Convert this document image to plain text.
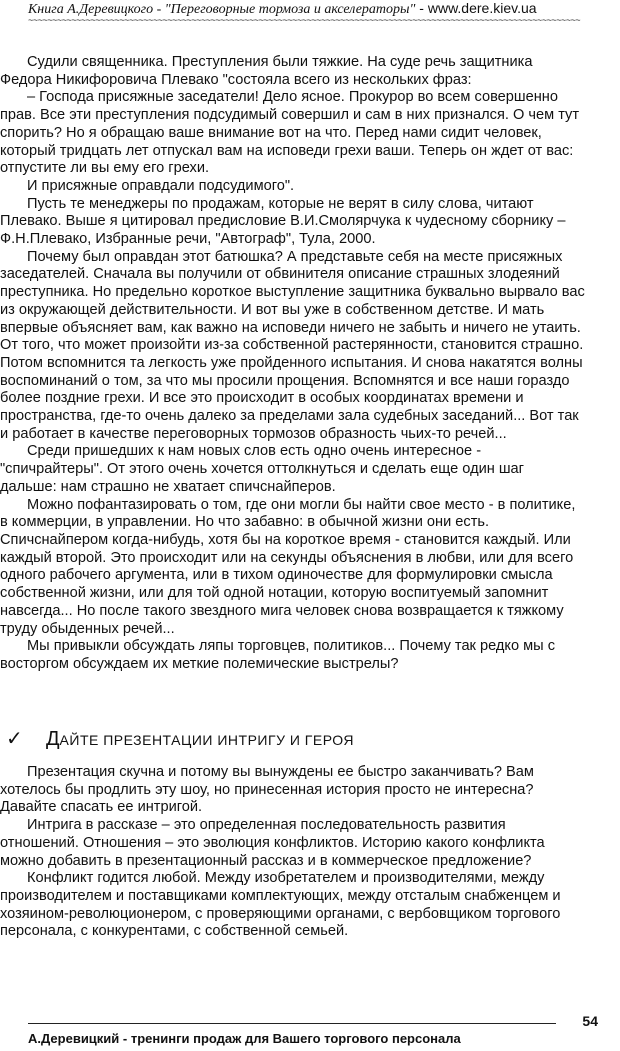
Книга А.Деревицкого - "Переговорные тормоза и акселераторы" - www.dere.kiev.ua
~~~~~~~~~~~~~~~~~~~~~~~~~~~~~~~~~~~~~~~~~~~~~~~~~~~~~~~~~~~~~~~~~~~~~~~~~~~~~~~~~~~~~~~~~~~~~~~~~~~~~~~~~~~~~~~~~~~
Судили священника. Преступления были тяжкие. На суде речь защитника
Федора Никифоровича Плевако "состояла всего из нескольких фраз:
– Господа присяжные заседатели! Дело ясное. Прокурор во всем совершенно
прав. Все эти преступления подсудимый совершил и сам в них признался. О чем тут
спорить? Но я обращаю ваше внимание вот на что. Перед нами сидит человек,
который тридцать лет отпускал вам на исповеди грехи ваши. Теперь он ждет от вас:
отпустите ли вы ему его грехи.
И присяжные оправдали подсудимого".
Пусть те менеджеры по продажам, которые не верят в силу слова, читают
Плевако. Выше я цитировал предисловие В.И.Смолярчука к чудесному сборнику –
Ф.Н.Плевако, Избранные речи, "Автограф", Тула, 2000.
Почему был оправдан этот батюшка? А представьте себя на месте присяжных
заседателей. Сначала вы получили от обвинителя описание страшных злодеяний
преступника. Но предельно короткое выступление защитника буквально вырвало вас
из окружающей действительности. И вот вы уже в собственном детстве. И мать
впервые объясняет вам, как важно на исповеди ничего не забыть и ничего не утаить.
От того, что может произойти из-за собственной растерянности, становится страшно.
Потом вспомнится та легкость уже пройденного испытания. И снова накатятся волны
воспоминаний о том, за что мы просили прощения. Вспомнятся и все наши гораздо
более поздние грехи. И все это происходит в особых координатах времени и
пространства, где-то очень далеко за пределами зала судебных заседаний... Вот так
и работает в качестве переговорных тормозов образность чьих-то речей...
Среди пришедших к нам новых слов есть одно очень интересное -
"спичрайтеры". От этого очень хочется оттолкнуться и сделать еще один шаг
дальше: нам страшно не хватает спичснайперов.
Можно пофантазировать о том, где они могли бы найти свое место - в политике,
в коммерции, в управлении. Но что забавно: в обычной жизни они есть.
Спичснайпером когда-нибудь, хотя бы на короткое время - становится каждый. Или
каждый второй. Это происходит или на секунды объяснения в любви, или для всего
одного рабочего аргумента, или в тихом одиночестве для формулировки смысла
собственной жизни, или для той одной нотации, которую воспитуемый запомнит
навсегда... Но после такого звездного мига человек снова возвращается к тяжкому
труду обыденных речей...
Мы привыкли обсуждать ляпы торговцев, политиков... Почему так редко мы с
восторгом обсуждаем их меткие полемические выстрелы?
✓	Д АЙТЕ ПРЕЗЕНТАЦИИ ИНТРИГУ И ГЕРОЯ
Презентация скучна и потому вы вынуждены ее быстро заканчивать? Вам
хотелось бы продлить эту шоу, но принесенная история просто не интересна?
Давайте спасать ее интригой.
Интрига в рассказе – это определенная последовательность развития
отношений. Отношения – это эволюция конфликтов. Историю какого конфликта
можно добавить в презентационный рассказ и в коммерческое предложение?
Конфликт годится любой. Между изобретателем и производителями, между
производителем и поставщиками комплектующих, между отсталым снабженцем и
хозяином-революционером, с проверяющими органами, с вербовщиком торгового
персонала, с конкурентами, с собственной семьей.
54
А.Деревицкий - тренинги продаж для Вашего торгового персонала
